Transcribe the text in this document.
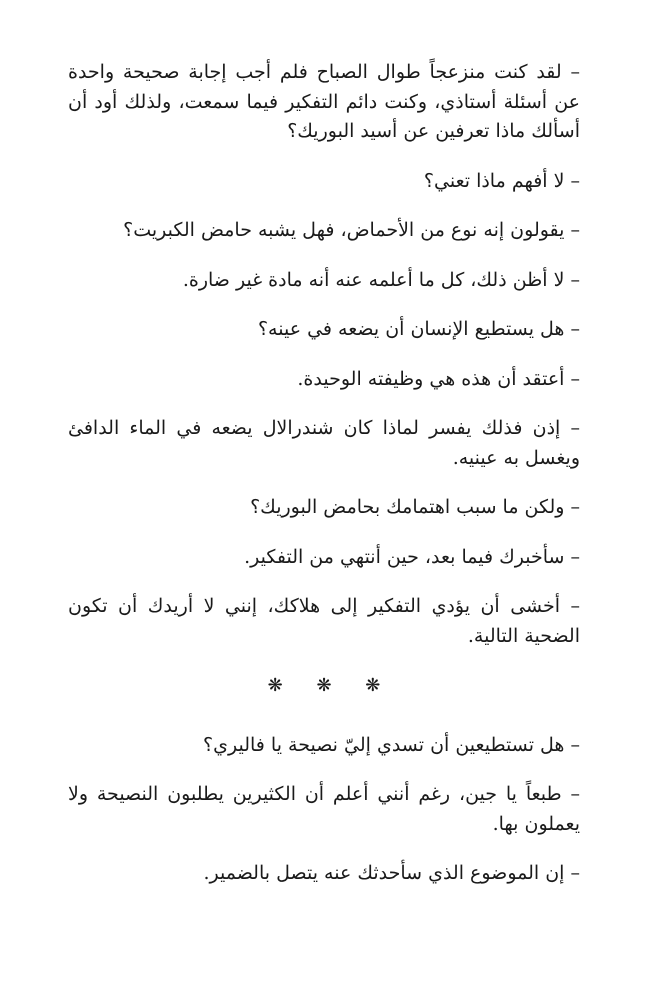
– لقد كنت منزعجاً طوال الصباح فلم أجب إجابة صحيحة واحدة عن أسئلة أستاذي، وكنت دائم التفكير فيما سمعت، ولذلك أود أن أسألك ماذا تعرفين عن أسيد البوريك؟

– لا أفهم ماذا تعني؟

– يقولون إنه نوع من الأحماض، فهل يشبه حامض الكبريت؟

– لا أظن ذلك، كل ما أعلمه عنه أنه مادة غير ضارة.

– هل يستطيع الإنسان أن يضعه في عينه؟

– أعتقد أن هذه هي وظيفته الوحيدة.

– إذن فذلك يفسر لماذا كان شندرالال يضعه في الماء الدافئ ويغسل به عينيه.

– ولكن ما سبب اهتمامك بحامض البوريك؟

– سأخبرك فيما بعد، حين أنتهي من التفكير.

– أخشى أن يؤدي التفكير إلى هلاكك، إنني لا أريدك أن تكون الضحية التالية.

❋ ❋ ❋

– هل تستطيعين أن تسدي إليّ نصيحة يا فاليري؟

– طبعاً يا جين، رغم أنني أعلم أن الكثيرين يطلبون النصيحة ولا يعملون بها.

– إن الموضوع الذي سأحدثك عنه يتصل بالضمير.
